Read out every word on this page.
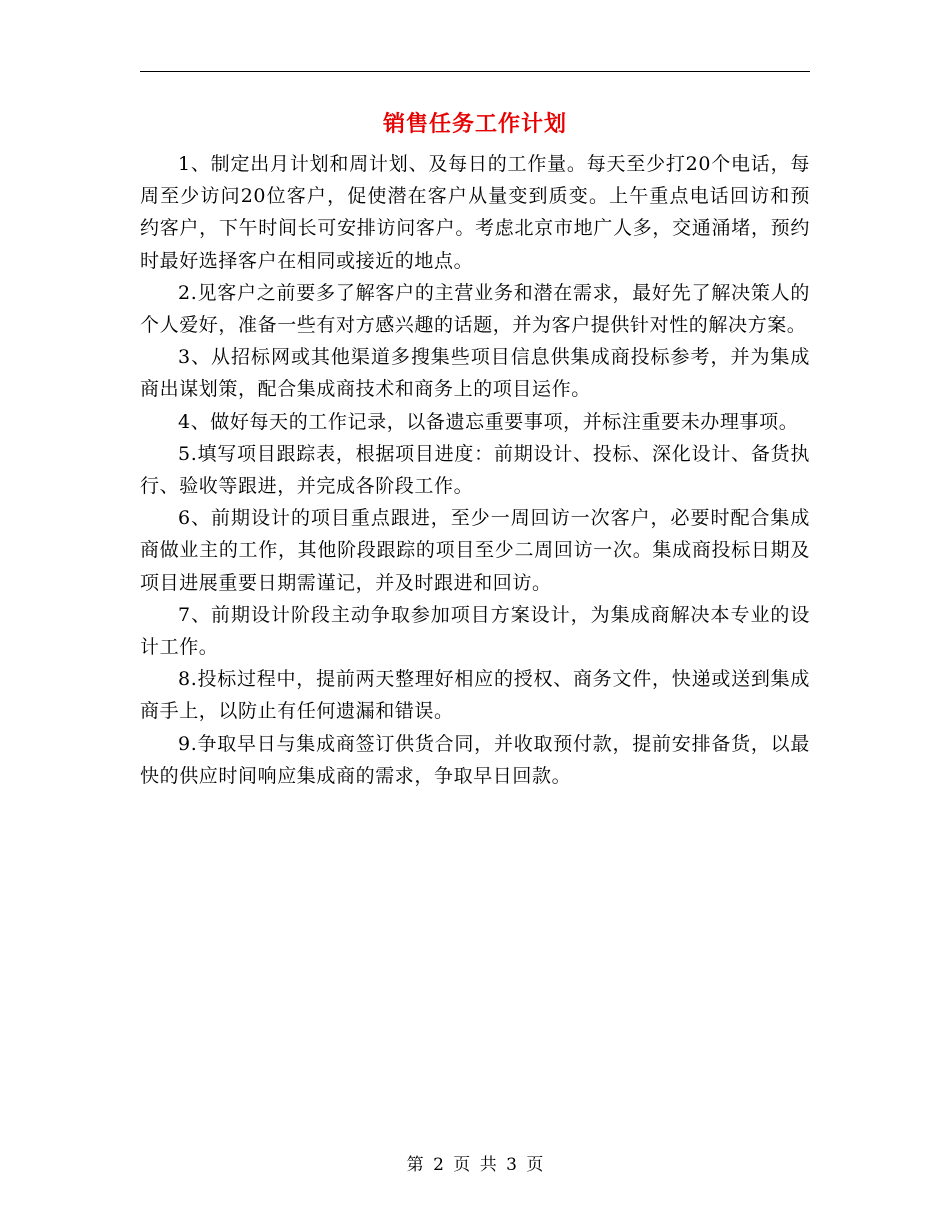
销售任务工作计划

1、制定出月计划和周计划、及每日的工作量。每天至少打20个电话，每周至少访问20位客户，促使潜在客户从量变到质变。上午重点电话回访和预约客户，下午时间长可安排访问客户。考虑北京市地广人多，交通涌堵，预约时最好选择客户在相同或接近的地点。

2.见客户之前要多了解客户的主营业务和潜在需求，最好先了解决策人的个人爱好，准备一些有对方感兴趣的话题，并为客户提供针对性的解决方案。

3、从招标网或其他渠道多搜集些项目信息供集成商投标参考，并为集成商出谋划策，配合集成商技术和商务上的项目运作。

4、做好每天的工作记录，以备遗忘重要事项，并标注重要未办理事项。

5.填写项目跟踪表，根据项目进度：前期设计、投标、深化设计、备货执行、验收等跟进，并完成各阶段工作。

6、前期设计的项目重点跟进，至少一周回访一次客户，必要时配合集成商做业主的工作，其他阶段跟踪的项目至少二周回访一次。集成商投标日期及项目进展重要日期需谨记，并及时跟进和回访。

7、前期设计阶段主动争取参加项目方案设计，为集成商解决本专业的设计工作。

8.投标过程中，提前两天整理好相应的授权、商务文件，快递或送到集成商手上，以防止有任何遗漏和错误。

9.争取早日与集成商签订供货合同，并收取预付款，提前安排备货，以最快的供应时间响应集成商的需求，争取早日回款。

第 2 页 共 3 页
